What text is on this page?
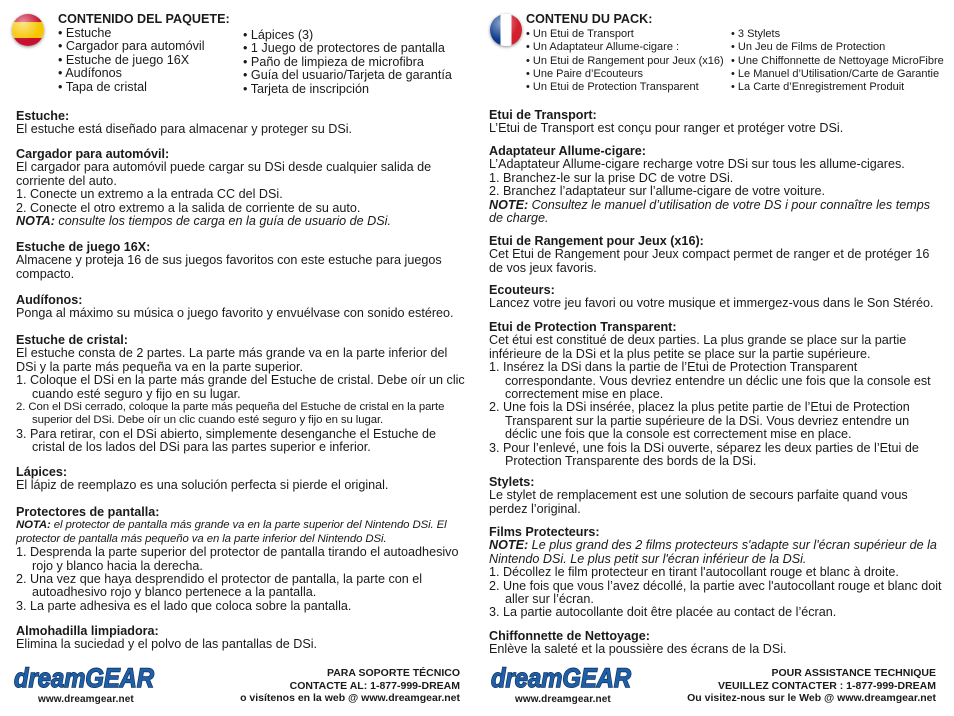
CONTENIDO DEL PAQUETE:
• Estuche
• Cargador para automóvil
• Estuche de juego 16X
• Audífonos
• Tapa de cristal
• Lápices (3)
• 1 Juego de protectores de pantalla
• Paño de limpieza de microfibra
• Guía del usuario/Tarjeta de garantía
• Tarjeta de inscripción
Estuche:

El estuche está diseñado para almacenar y proteger su DSi.

Cargador para automóvil:

El cargador para automóvil puede cargar su DSi desde cualquier salida de corriente del auto.

1. Conecte un extremo a la entrada CC del DSi.

2. Conecte el otro extremo a la salida de corriente de su auto.

NOTA: consulte los tiempos de carga en la guía de usuario de DSi.

Estuche de juego 16X:

Almacene y proteja 16 de sus juegos favoritos con este estuche para juegos compacto.

Audífonos:

Ponga al máximo su música o juego favorito y envuélvase con sonido estéreo.

Estuche de cristal:

El estuche consta de 2 partes. La parte más grande va en la parte inferior del DSi y la parte más pequeña va en la parte superior.

1. Coloque el DSi en la parte más grande del Estuche de cristal. Debe oír un clic cuando esté seguro y fijo en su lugar.

2. Con el DSi cerrado, coloque la parte más pequeña del Estuche de cristal en la parte superior del DSi. Debe oír un clic cuando esté seguro y fijo en su lugar.

3. Para retirar, con el DSi abierto, simplemente desenganche el Estuche de cristal de los lados del DSi para las partes superior e inferior.

Lápices:

El lápiz de reemplazo es una solución perfecta si pierde el original.

Protectores de pantalla:

NOTA: el protector de pantalla más grande va en la parte superior del Nintendo DSi. El protector de pantalla más pequeño va en la parte inferior del Nintendo DSi.

1. Desprenda la parte superior del protector de pantalla tirando el autoadhesivo rojo y blanco hacia la derecha.

2. Una vez que haya desprendido el protector de pantalla, la parte con el autoadhesivo rojo y blanco pertenece a la pantalla.

3. La parte adhesiva es el lado que coloca sobre la pantalla.

Almohadilla limpiadora:

Elimina la suciedad y el polvo de las pantallas de DSi.

dreamGEAR
www.dreamgear.net
PARA SOPORTE TÉCNICO
CONTACTE AL: 1-877-999-DREAM
o visítenos en la web @ www.dreamgear.net
CONTENU DU PACK:
• Un Etui de Transport
• Un Adaptateur Allume-cigare :
• Un Etui de Rangement pour Jeux (x16)
• Une Paire d’Ecouteurs
• Un Etui de Protection Transparent
• 3 Stylets
• Un Jeu de Films de Protection
• Une Chiffonnette de Nettoyage MicroFibre
• Le Manuel d’Utilisation/Carte de Garantie
• La Carte d’Enregistrement Produit
Etui de Transport:

L’Etui de Transport est conçu pour ranger et protéger votre DSi.

Adaptateur Allume-cigare:

L’Adaptateur Allume-cigare recharge votre DSi sur tous les allume-cigares.

1. Branchez-le sur la prise DC de votre DSi.

2. Branchez l’adaptateur sur l’allume-cigare de votre voiture.

NOTE: Consultez le manuel d’utilisation de votre DS i pour connaître les temps de charge.

Etui de Rangement pour Jeux (x16):

Cet Etui de Rangement pour Jeux compact permet de ranger et de protéger 16 de vos jeux favoris.

Ecouteurs:

Lancez votre jeu favori ou votre musique et immergez-vous dans le Son Stéréo.

Etui de Protection Transparent:

Cet étui est constitué de deux parties. La plus grande se place sur la partie inférieure de la DSi et la plus petite se place sur la partie supérieure.

1. Insérez la DSi dans la partie de l’Etui de Protection Transparent correspondante. Vous devriez entendre un déclic une fois que la console est correctement mise en place.

2. Une fois la DSi insérée, placez la plus petite partie de l’Etui de Protection Transparent sur la partie supérieure de la DSi. Vous devriez entendre un déclic une fois que la console est correctement mise en place.

3. Pour l’enlevé, une fois la DSi ouverte, séparez les deux parties de l’Etui de Protection Transparente des bords de la DSi.

Stylets:

Le stylet de remplacement est une solution de secours parfaite quand vous perdez l’original.

Films Protecteurs:

NOTE: Le plus grand des 2 films protecteurs s'adapte sur l'écran supérieur de la Nintendo DSi. Le plus petit sur l'écran inférieur de la DSi.

1. Décollez le film protecteur en tirant l'autocollant rouge et blanc à droite.

2. Une fois que vous l’avez décollé, la partie avec l'autocollant rouge et blanc doit aller sur l’écran.

3. La partie autocollante doit être placée au contact de l’écran.

Chiffonnette de Nettoyage:

Enlève la saleté et la poussière des écrans de la DSi.

dreamGEAR
www.dreamgear.net
POUR ASSISTANCE TECHNIQUE
VEUILLEZ CONTACTER : 1-877-999-DREAM
Ou visitez-nous sur le Web @ www.dreamgear.net
